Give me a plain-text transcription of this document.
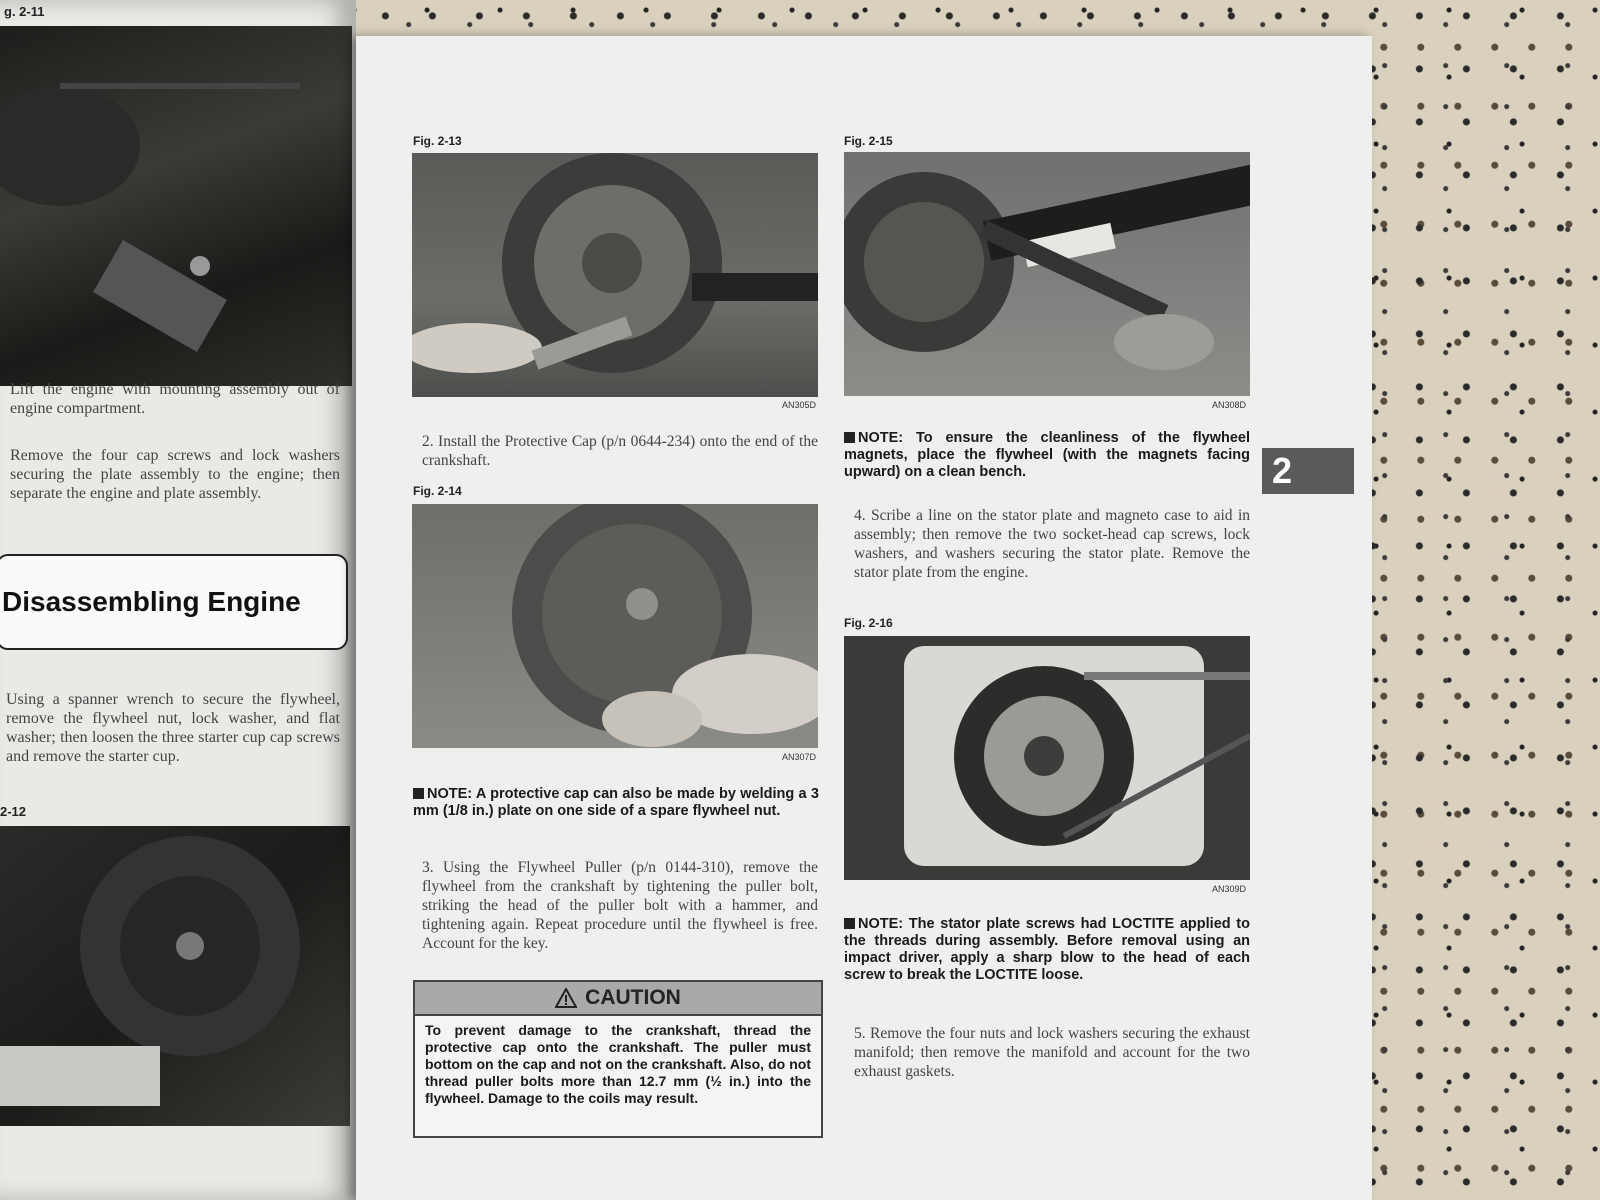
g. 2-11
Lift the engine with mounting assembly out of engine compartment.
Remove the four cap screws and lock washers securing the plate assembly to the engine; then separate the engine and plate assembly.
Disassembling Engine
Using a spanner wrench to secure the flywheel, remove the flywheel nut, lock washer, and flat washer; then loosen the three starter cup cap screws and remove the starter cup.
2-12
Fig. 2-13
AN305D
2. Install the Protective Cap (p/n 0644-234) onto the end of the crankshaft.
Fig. 2-14
AN307D
NOTE: A protective cap can also be made by welding a 3 mm (1/8 in.) plate on one side of a spare flywheel nut.
3. Using the Flywheel Puller (p/n 0144-310), remove the flywheel from the crankshaft by tightening the puller bolt, striking the head of the puller bolt with a hammer, and tightening again. Repeat procedure until the flywheel is free. Account for the key.
CAUTION
To prevent damage to the crankshaft, thread the protective cap onto the crankshaft. The puller must bottom on the cap and not on the crankshaft. Also, do not thread puller bolts more than 12.7 mm (½ in.) into the flywheel. Damage to the coils may result.
Fig. 2-15
AN308D
NOTE: To ensure the cleanliness of the flywheel magnets, place the flywheel (with the magnets facing upward) on a clean bench.
4. Scribe a line on the stator plate and magneto case to aid in assembly; then remove the two socket-head cap screws, lock washers, and washers securing the stator plate. Remove the stator plate from the engine.
Fig. 2-16
AN309D
NOTE: The stator plate screws had LOCTITE applied to the threads during assembly. Before removal using an impact driver, apply a sharp blow to the head of each screw to break the LOCTITE loose.
5. Remove the four nuts and lock washers securing the exhaust manifold; then remove the manifold and account for the two exhaust gaskets.
2
